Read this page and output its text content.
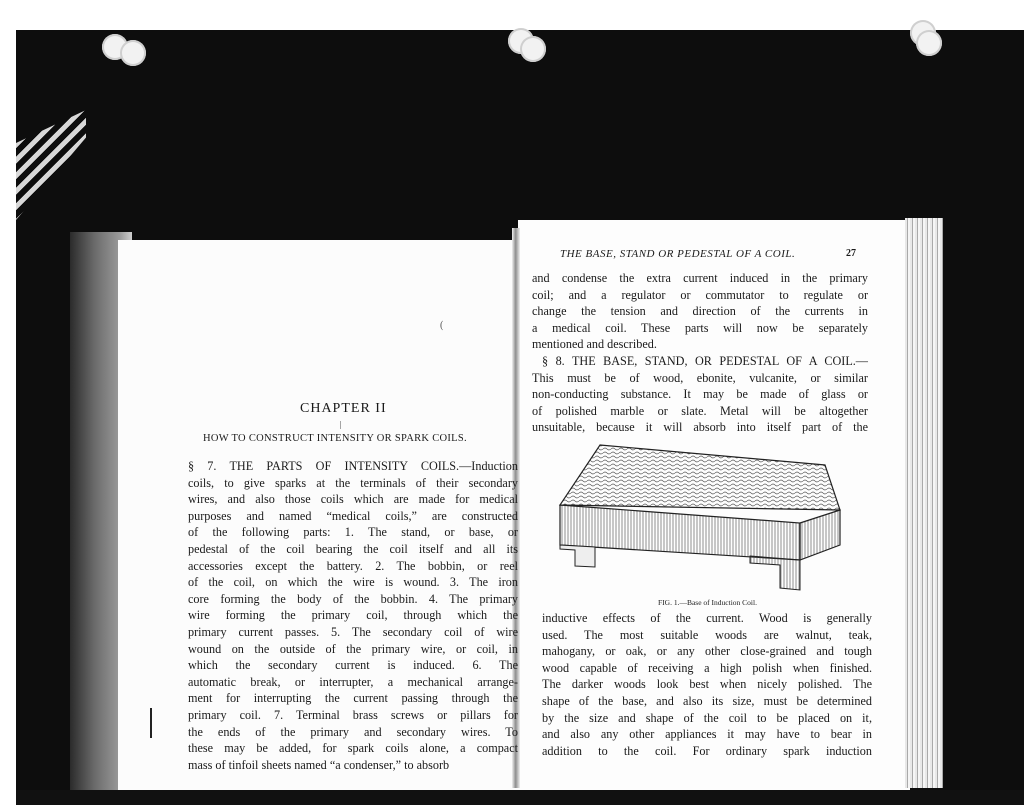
(
CHAPTER II
|
HOW TO CONSTRUCT INTENSITY OR SPARK COILS.
§ 7. THE PARTS OF INTENSITY COILS.—Induction
coils, to give sparks at the terminals of their secondary
wires, and also those coils which are made for medical
purposes and named “medical coils,” are constructed
of the following parts: 1. The stand, or base, or
pedestal of the coil bearing the coil itself and all its
accessories except the battery. 2. The bobbin, or reel
of the coil, on which the wire is wound. 3. The iron
core forming the body of the bobbin. 4. The primary
wire forming the primary coil, through which the
primary current passes. 5. The secondary coil of wire
wound on the outside of the primary wire, or coil, in
which the secondary current is induced. 6. The
automatic break, or interrupter, a mechanical arrange-
ment for interrupting the current passing through the
primary coil. 7. Terminal brass screws or pillars for
the ends of the primary and secondary wires. To
these may be added, for spark coils alone, a compact
mass of tinfoil sheets named “a condenser,” to absorb
THE BASE, STAND OR PEDESTAL OF A COIL.	27
and condense the extra current induced in the primary
coil; and a regulator or commutator to regulate or
change the tension and direction of the currents in
a medical coil. These parts will now be separately
mentioned and described.
§ 8. THE BASE, STAND, OR PEDESTAL OF A COIL.—
This must be of wood, ebonite, vulcanite, or similar
non-conducting substance. It may be made of glass or
of polished marble or slate. Metal will be altogether
unsuitable, because it will absorb into itself part of the
FIG. 1.—Base of Induction Coil.
inductive effects of the current. Wood is generally
used. The most suitable woods are walnut, teak,
mahogany, or oak, or any other close-grained and tough
wood capable of receiving a high polish when finished.
The darker woods look best when nicely polished. The
shape of the base, and also its size, must be determined
by the size and shape of the coil to be placed on it,
and also any other appliances it may have to bear in
addition to the coil. For ordinary spark induction
